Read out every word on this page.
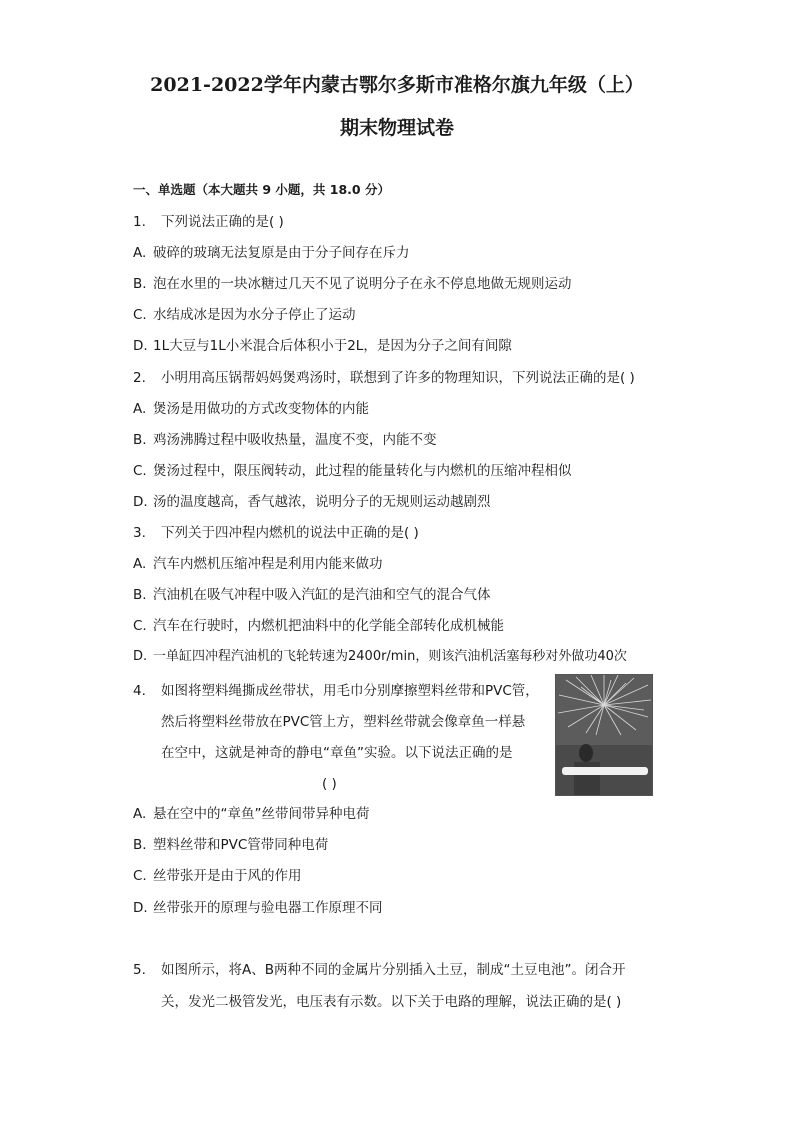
2021-2022学年内蒙古鄂尔多斯市准格尔旗九年级（上）
期末物理试卷
一、单选题（本大题共 9 小题，共 18.0 分）
1. 下列说法正确的是( )
A. 破碎的玻璃无法复原是由于分子间存在斥力
B. 泡在水里的一块冰糖过几天不见了说明分子在永不停息地做无规则运动
C. 水结成冰是因为水分子停止了运动
D. 1L大豆与1L小米混合后体积小于2L，是因为分子之间有间隙
2. 小明用高压锅帮妈妈煲鸡汤时，联想到了许多的物理知识，下列说法正确的是( )
A. 煲汤是用做功的方式改变物体的内能
B. 鸡汤沸腾过程中吸收热量，温度不变，内能不变
C. 煲汤过程中，限压阀转动，此过程的能量转化与内燃机的压缩冲程相似
D. 汤的温度越高，香气越浓，说明分子的无规则运动越剧烈
3. 下列关于四冲程内燃机的说法中正确的是( )
A. 汽车内燃机压缩冲程是利用内能来做功
B. 汽油机在吸气冲程中吸入汽缸的是汽油和空气的混合气体
C. 汽车在行驶时，内燃机把油料中的化学能全部转化成机械能
D. 一单缸四冲程汽油机的飞轮转速为2400r/min，则该汽油机活塞每秒对外做功40次
4. 如图将塑料绳撕成丝带状，用毛巾分别摩擦塑料丝带和PVC管，
然后将塑料丝带放在PVC管上方，塑料丝带就会像章鱼一样悬
在空中，这就是神奇的静电“章鱼”实验。以下说法正确的是
( )
A. 悬在空中的“章鱼”丝带间带异种电荷
B. 塑料丝带和PVC管带同种电荷
C. 丝带张开是由于风的作用
D. 丝带张开的原理与验电器工作原理不同
5. 如图所示，将A、B两种不同的金属片分别插入土豆，制成“土豆电池”。闭合开
关，发光二极管发光，电压表有示数。以下关于电路的理解，说法正确的是( )
